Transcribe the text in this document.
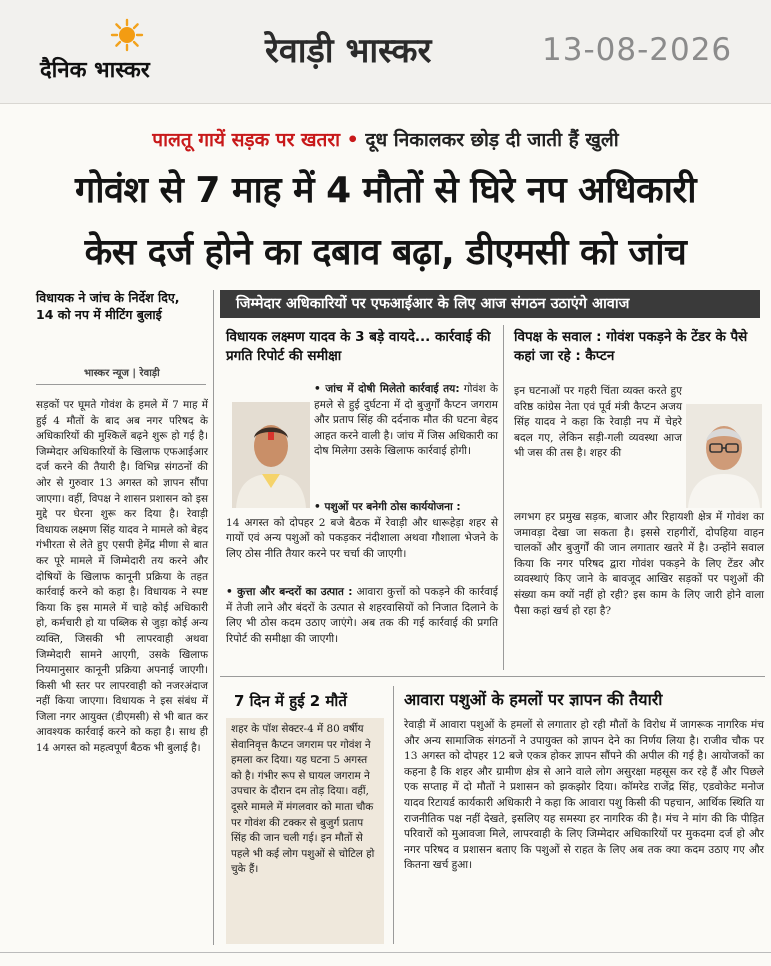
दैनिक भास्कर	रेवाड़ी भास्कर	13-08-2026
पालतू गायें सड़क पर खतरा • दूध निकालकर छोड़ दी जाती हैं खुली
गोवंश से 7 माह में 4 मौतों से घिरे नप अधिकारी
केस दर्ज होने का दबाव बढ़ा, डीएमसी को जांच
विधायक ने जांच के निर्देश दिए, 14 को नप में मीटिंग बुलाई
भास्कर न्यूज | रेवाड़ी
सड़कों पर घूमते गोवंश के हमले में 7 माह में हुई 4 मौतों के बाद अब नगर परिषद के अधिकारियों की मुश्किलें बढ़ने शुरू हो गई है। जिम्मेदार अधिकारियों के खिलाफ एफआईआर दर्ज करने की तैयारी है। विभिन्न संगठनों की ओर से गुरुवार 13 अगस्त को ज्ञापन सौंपा जाएगा। वहीं, विपक्ष ने शासन प्रशासन को इस मुद्दे पर घेरना शुरू कर दिया है। रेवाड़ी विधायक लक्ष्मण सिंह यादव ने मामले को बेहद गंभीरता से लेते हुए एसपी हेमेंद्र मीणा से बात कर पूरे मामले में जिम्मेदारी तय करने और दोषियों के खिलाफ कानूनी प्रक्रिया के तहत कार्रवाई करने को कहा है। विधायक ने स्पष्ट किया कि इस मामले में चाहे कोई अधिकारी हो, कर्मचारी हो या पब्लिक से जुड़ा कोई अन्य व्यक्ति, जिसकी भी लापरवाही अथवा जिम्मेदारी सामने आएगी, उसके खिलाफ नियमानुसार कानूनी प्रक्रिया अपनाई जाएगी। किसी भी स्तर पर लापरवाही को नजरअंदाज नहीं किया जाएगा। विधायक ने इस संबंध में जिला नगर आयुक्त (डीएमसी) से भी बात कर आवश्यक कार्रवाई करने को कहा है। साथ ही 14 अगस्त को महत्वपूर्ण बैठक भी बुलाई है।
जिम्मेदार अधिकारियों पर एफआईआर के लिए आज संगठन उठाएंगे आवाज
विधायक लक्ष्मण यादव के 3 बड़े वायदे... कार्रवाई की प्रगति रिपोर्ट की समीक्षा
• जांच में दोषी मिलेतो कार्रवाई तय: गोवंश के हमले से हुई दुर्घटना में दो बुजुर्गों कैप्टन जगराम और प्रताप सिंह की दर्दनाक मौत की घटना बेहद आहत करने वाली है। जांच में जिस अधिकारी का दोष मिलेगा उसके खिलाफ कार्रवाई होगी।
• पशुओं पर बनेगी ठोस कार्ययोजना :
14 अगस्त को दोपहर 2 बजे बैठक में रेवाड़ी और धारूहेड़ा शहर से गायों एवं अन्य पशुओं को पकड़कर नंदीशाला अथवा गौशाला भेजने के लिए ठोस नीति तैयार करने पर चर्चा की जाएगी।
• कुत्ता और बन्दरों का उत्पात : आवारा कुत्तों को पकड़ने की कार्रवाई में तेजी लाने और बंदरों के उत्पात से शहरवासियों को निजात दिलाने के लिए भी ठोस कदम उठाए जाएंगे। अब तक की गई कार्रवाई की प्रगति रिपोर्ट की समीक्षा की जाएगी।
विपक्ष के सवाल : गोवंश पकड़ने के टेंडर के पैसे कहां जा रहे : कैप्टन
इन घटनाओं पर गहरी चिंता व्यक्त करते हुए वरिष्ठ कांग्रेस नेता एवं पूर्व मंत्री कैप्टन अजय सिंह यादव ने कहा कि रेवाड़ी नप में चेहरे बदल गए, लेकिन सड़ी-गली व्यवस्था आज भी जस की तस है। शहर की
लगभग हर प्रमुख सड़क, बाजार और रिहायशी क्षेत्र में गोवंश का जमावड़ा देखा जा सकता है। इससे राहगीरों, दोपहिया वाहन चालकों और बुजुर्गों की जान लगातार खतरे में है। उन्होंने सवाल किया कि नगर परिषद द्वारा गोवंश पकड़ने के लिए टेंडर और व्यवस्थाएं किए जाने के बावजूद आखिर सड़कों पर पशुओं की संख्या कम क्यों नहीं हो रही? इस काम के लिए जारी होने वाला पैसा कहां खर्च हो रहा है?
7 दिन में हुई 2 मौतें
शहर के पॉश सेक्टर-4 में 80 वर्षीय सेवानिवृत्त कैप्टन जगराम पर गोवंश ने हमला कर दिया। यह घटना 5 अगस्त को है। गंभीर रूप से घायल जगराम ने उपचार के दौरान दम तोड़ दिया। वहीं, दूसरे मामले में मंगलवार को माता चौक पर गोवंश की टक्कर से बुजुर्ग प्रताप सिंह की जान चली गई। इन मौतों से पहले भी कई लोग पशुओं से चोटिल हो चुके हैं।
आवारा पशुओं के हमलों पर ज्ञापन की तैयारी
रेवाड़ी में आवारा पशुओं के हमलों से लगातार हो रही मौतों के विरोध में जागरूक नागरिक मंच और अन्य सामाजिक संगठनों ने उपायुक्त को ज्ञापन देने का निर्णय लिया है। राजीव चौक पर 13 अगस्त को दोपहर 12 बजे एकत्र होकर ज्ञापन सौंपने की अपील की गई है। आयोजकों का कहना है कि शहर और ग्रामीण क्षेत्र से आने वाले लोग असुरक्षा महसूस कर रहे हैं और पिछले एक सप्ताह में दो मौतों ने प्रशासन को झकझोर दिया। कॉमरेड राजेंद्र सिंह, एडवोकेट मनोज यादव रिटायर्ड कार्यकारी अधिकारी ने कहा कि आवारा पशु किसी की पहचान, आर्थिक स्थिति या राजनीतिक पक्ष नहीं देखते, इसलिए यह समस्या हर नागरिक की है। मंच ने मांग की कि पीड़ित परिवारों को मुआवजा मिले, लापरवाही के लिए जिम्मेदार अधिकारियों पर मुकदमा दर्ज हो और नगर परिषद व प्रशासन बताए कि पशुओं से राहत के लिए अब तक क्या कदम उठाए गए और कितना खर्च हुआ।
